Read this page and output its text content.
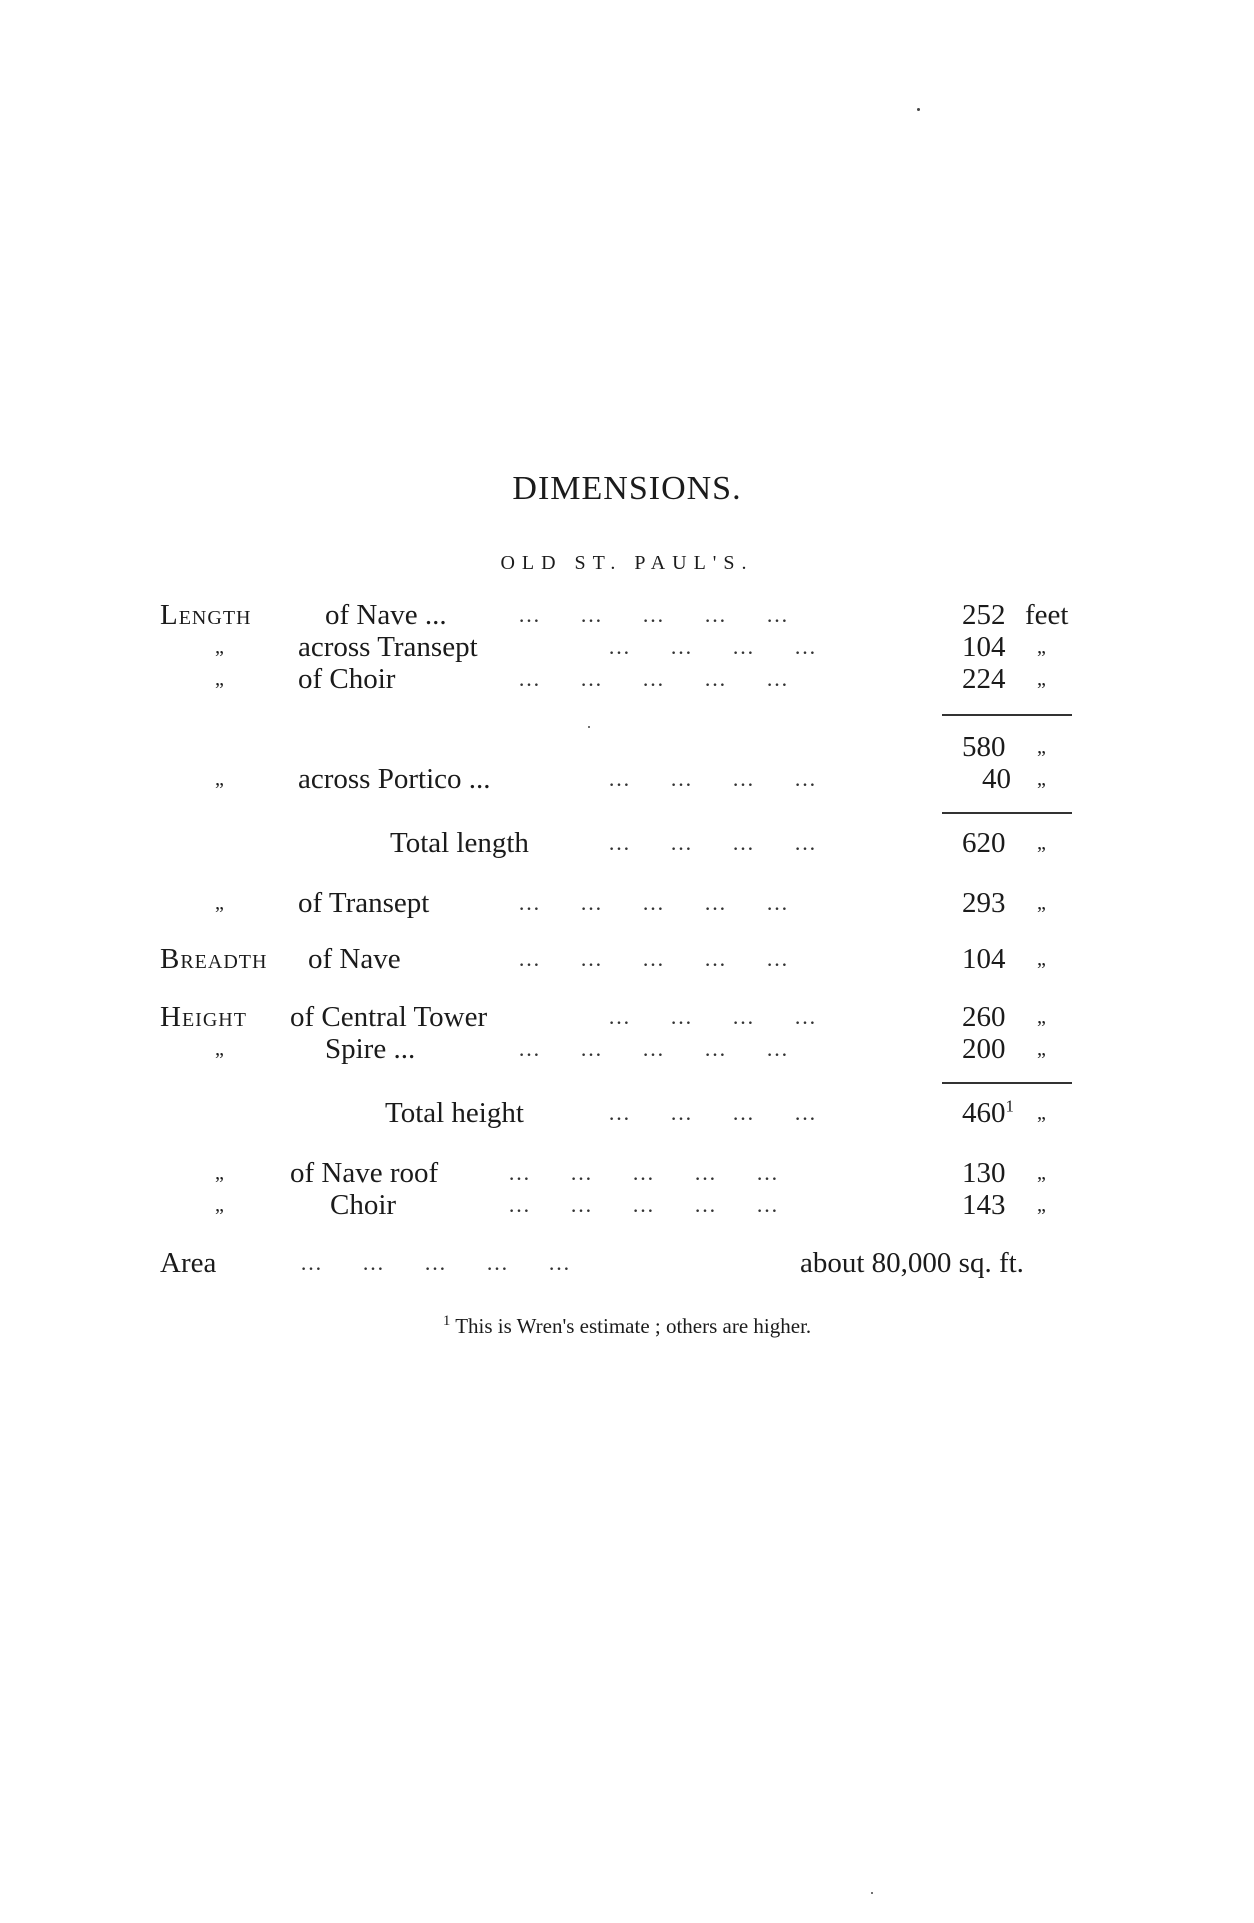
DIMENSIONS.
OLD ST. PAUL'S.
Length	of Nave ...	…      …      …      …      …	252 feet
„	across Transept	…      …      …      …	104 „
„	of Choir	…      …      …      …      …	224 „
580 „
„	across Portico ...	…      …      …      …	40 „
Total length	…      …      …      …	620 „
„	of Transept	…      …      …      …      …	293 „
Breadth of Nave	…      …      …      …      …	104 „
Height of Central Tower	…      …      …      …	260 „
„	Spire ...	…      …      …      …      …	200 „
Total height	…      …      …      …	$460^1$ „
„ of Nave roof	…      …      …      …      …	130 „
„	Choir	…      …      …      …      …	143 „
Area	…      …      …      …      …	about 80,000 sq. ft.
$^1$ This is Wren's estimate ; others are higher.
